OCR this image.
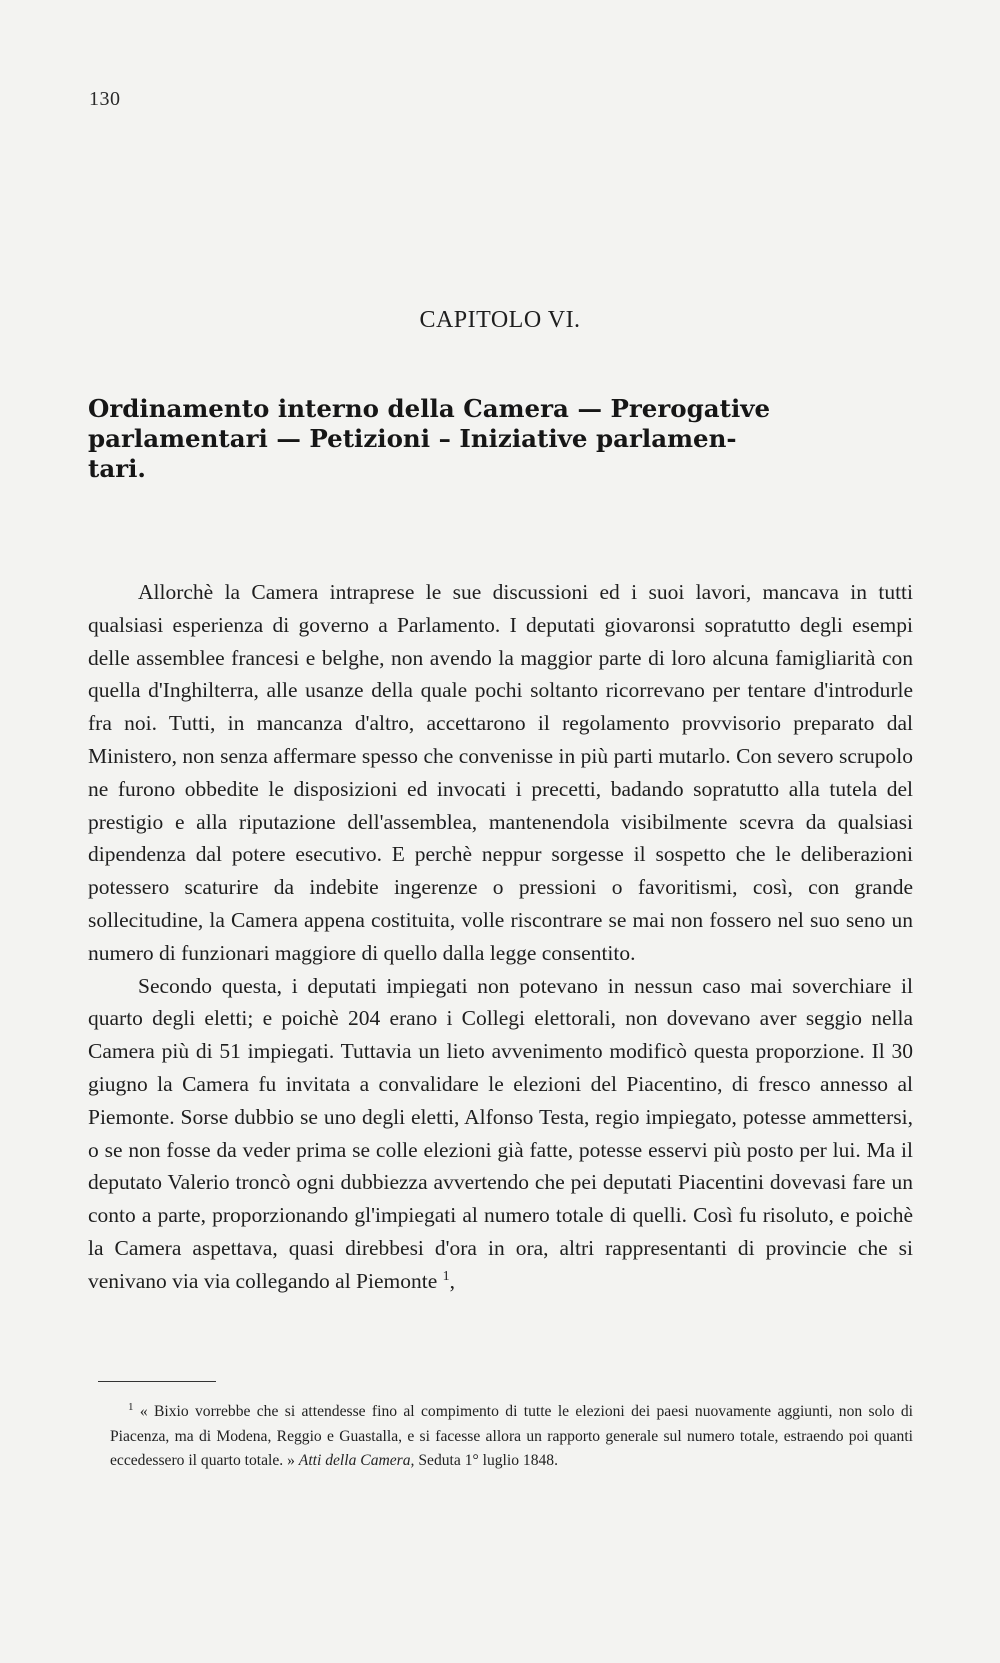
130
CAPITOLO VI.
Ordinamento interno della Camera — Prerogative
parlamentari — Petizioni – Iniziative parlamen-
tari.

Allorchè la Camera intraprese le sue discussioni ed i suoi lavori, mancava in tutti qualsiasi esperienza di governo a Parlamento. I deputati giovaronsi sopratutto degli esempi delle assemblee francesi e belghe, non avendo la maggior parte di loro alcuna famigliarità con quella d'Inghilterra, alle usanze della quale pochi soltanto ricorrevano per tentare d'introdurle fra noi. Tutti, in mancanza d'altro, accettarono il regolamento provvisorio preparato dal Ministero, non senza affermare spesso che convenisse in più parti mutarlo. Con severo scrupolo ne furono obbedite le disposizioni ed invocati i precetti, badando sopratutto alla tutela del prestigio e alla riputazione dell'assemblea, mantenendola visibilmente scevra da qualsiasi dipendenza dal potere esecutivo. E perchè neppur sorgesse il sospetto che le deliberazioni potessero scaturire da indebite ingerenze o pressioni o favoritismi, così, con grande sollecitudine, la Camera appena costituita, volle riscontrare se mai non fossero nel suo seno un numero di funzionari maggiore di quello dalla legge consentito.

Secondo questa, i deputati impiegati non potevano in nessun caso mai soverchiare il quarto degli eletti; e poichè 204 erano i Collegi elettorali, non dovevano aver seggio nella Camera più di 51 impiegati. Tuttavia un lieto avvenimento modificò questa proporzione. Il 30 giugno la Camera fu invitata a convalidare le elezioni del Piacentino, di fresco annesso al Piemonte. Sorse dubbio se uno degli eletti, Alfonso Testa, regio impiegato, potesse ammettersi, o se non fosse da veder prima se colle elezioni già fatte, potesse esservi più posto per lui. Ma il deputato Valerio troncò ogni dubbiezza avvertendo che pei deputati Piacentini dovevasi fare un conto a parte, proporzionando gl'impiegati al numero totale di quelli. Così fu risoluto, e poichè la Camera aspettava, quasi direbbesi d'ora in ora, altri rappresentanti di provincie che si venivano via via collegando al Piemonte $^1$,

$^1$ « Bixio vorrebbe che si attendesse fino al compimento di tutte le elezioni dei paesi nuovamente aggiunti, non solo di Piacenza, ma di Modena, Reggio e Guastalla, e si facesse allora un rapporto generale sul numero totale, estraendo poi quanti eccedessero il quarto totale. » Atti della Camera, Seduta 1° luglio 1848.
